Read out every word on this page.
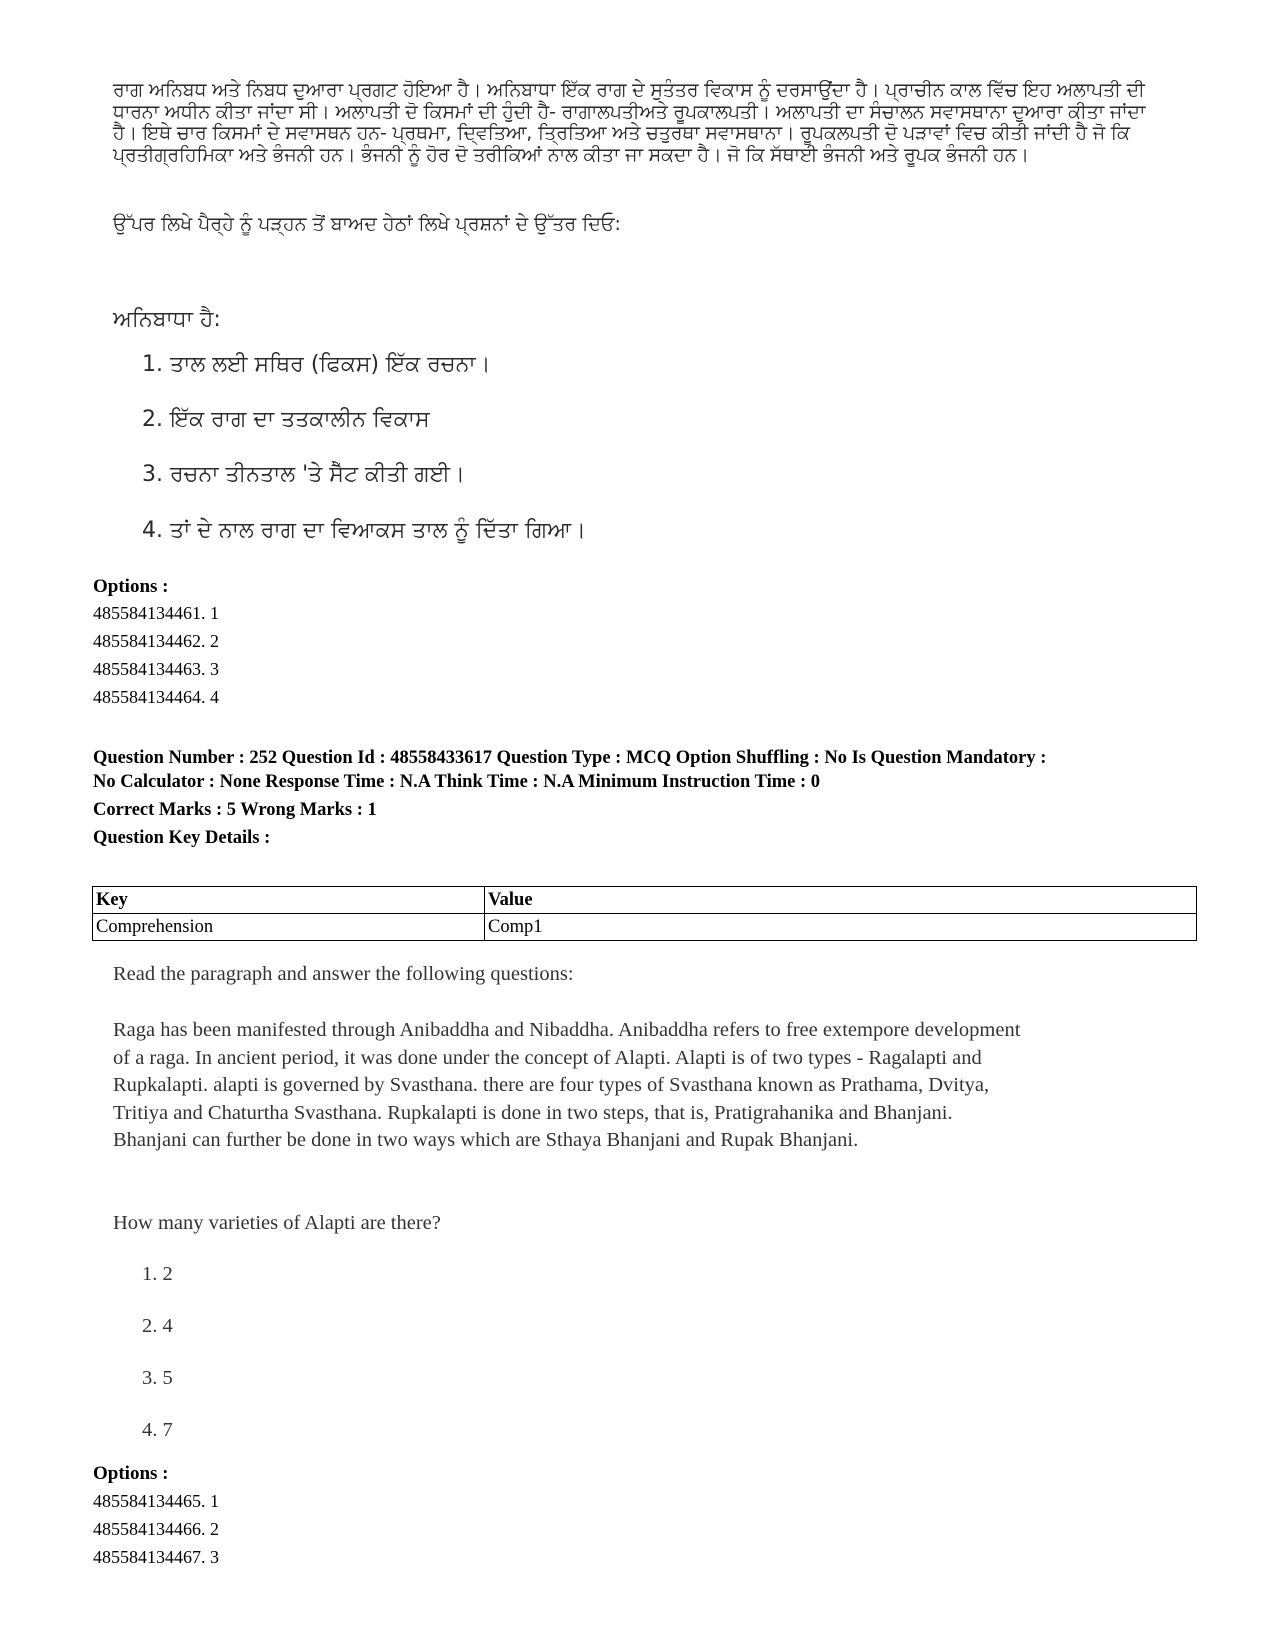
ਰਾਗ ਅਨਿਬਧ ਅਤੇ ਨਿਬਧ ਦੁਆਰਾ ਪ੍ਰਗਟ ਹੋਇਆ ਹੈ। ਅਨਿਬਾਧਾ ਇੱਕ ਰਾਗ ਦੇ ਸੁਤੰਤਰ ਵਿਕਾਸ ਨੂੰ ਦਰਸਾਉਂਦਾ ਹੈ। ਪ੍ਰਾਚੀਨ ਕਾਲ ਵਿੱਚ ਇਹ ਅਲਾਪਤੀ ਦੀ ਧਾਰਨਾ ਅਧੀਨ ਕੀਤਾ ਜਾਂਦਾ ਸੀ। ਅਲਾਪਤੀ ਦੋ ਕਿਸਮਾਂ ਦੀ ਹੁੰਦੀ ਹੈ- ਰਾਗਾਲਪਤੀਅਤੇ ਰੂਪਕਾਲਪਤੀ। ਅਲਾਪਤੀ ਦਾ ਸੰਚਾਲਨ ਸਵਾਸਥਾਨਾ ਦੁਆਰਾ ਕੀਤਾ ਜਾਂਦਾ ਹੈ। ਇਥੇ ਚਾਰ ਕਿਸਮਾਂ ਦੇ ਸਵਾਸਥਨ ਹਨ- ਪ੍ਰਥਮਾ, ਦ੍ਵਿਤਿਆ, ਤ੍ਰਿਤਿਆ ਅਤੇ ਚਤੁਰਥਾ ਸਵਾਸਥਾਨਾ। ਰੂਪਕਲਪਤੀ ਦੋ ਪੜਾਵਾਂ ਵਿਚ ਕੀਤੀ ਜਾਂਦੀ ਹੈ ਜੋ ਕਿ ਪ੍ਰਤੀਗ੍ਰਹਿਮਿਕਾ ਅਤੇ ਭੰਜਨੀ ਹਨ। ਭੰਜਨੀ ਨੂੰ ਹੋਰ ਦੋ ਤਰੀਕਿਆਂ ਨਾਲ ਕੀਤਾ ਜਾ ਸਕਦਾ ਹੈ। ਜੋ ਕਿ ਸੱਥਾਈ ਭੰਜਨੀ ਅਤੇ ਰੂਪਕ ਭੰਜਨੀ ਹਨ।
ਉੱਪਰ ਲਿਖੇ ਪੈਰ੍ਹੇ ਨੂੰ ਪੜ੍ਹਨ ਤੋਂ ਬਾਅਦ ਹੇਠਾਂ ਲਿਖੇ ਪ੍ਰਸ਼ਨਾਂ ਦੇ ਉੱਤਰ ਦਿਓ:
ਅਨਿਬਾਧਾ ਹੈ:
1. ਤਾਲ ਲਈ ਸਥਿਰ (ਫਿਕਸ) ਇੱਕ ਰਚਨਾ।
2. ਇੱਕ ਰਾਗ ਦਾ ਤਤਕਾਲੀਨ ਵਿਕਾਸ
3. ਰਚਨਾ ਤੀਨਤਾਲ 'ਤੇ ਸੈੱਟ ਕੀਤੀ ਗਈ।
4. ਤਾਂ ਦੇ ਨਾਲ ਰਾਗ ਦਾ ਵਿਆਕਸ ਤਾਲ ਨੂੰ ਦਿੱਤਾ ਗਿਆ।
Options :
485584134461. 1
485584134462. 2
485584134463. 3
485584134464. 4
Question Number : 252 Question Id : 48558433617 Question Type : MCQ Option Shuffling : No Is Question Mandatory :
No Calculator : None Response Time : N.A Think Time : N.A Minimum Instruction Time : 0
Correct Marks : 5 Wrong Marks : 1
Question Key Details :
Key	Value
Comprehension	Comp1
Read the paragraph and answer the following questions:
Raga has been manifested through Anibaddha and Nibaddha. Anibaddha refers to free extempore development
of a raga. In ancient period, it was done under the concept of Alapti. Alapti is of two types - Ragalapti and
Rupkalapti. alapti is governed by Svasthana. there are four types of Svasthana known as Prathama, Dvitya,
Tritiya and Chaturtha Svasthana. Rupkalapti is done in two steps, that is, Pratigrahanika and Bhanjani.
Bhanjani can further be done in two ways which are Sthaya Bhanjani and Rupak Bhanjani.
How many varieties of Alapti are there?
1. 2
2. 4
3. 5
4. 7
Options :
485584134465. 1
485584134466. 2
485584134467. 3
